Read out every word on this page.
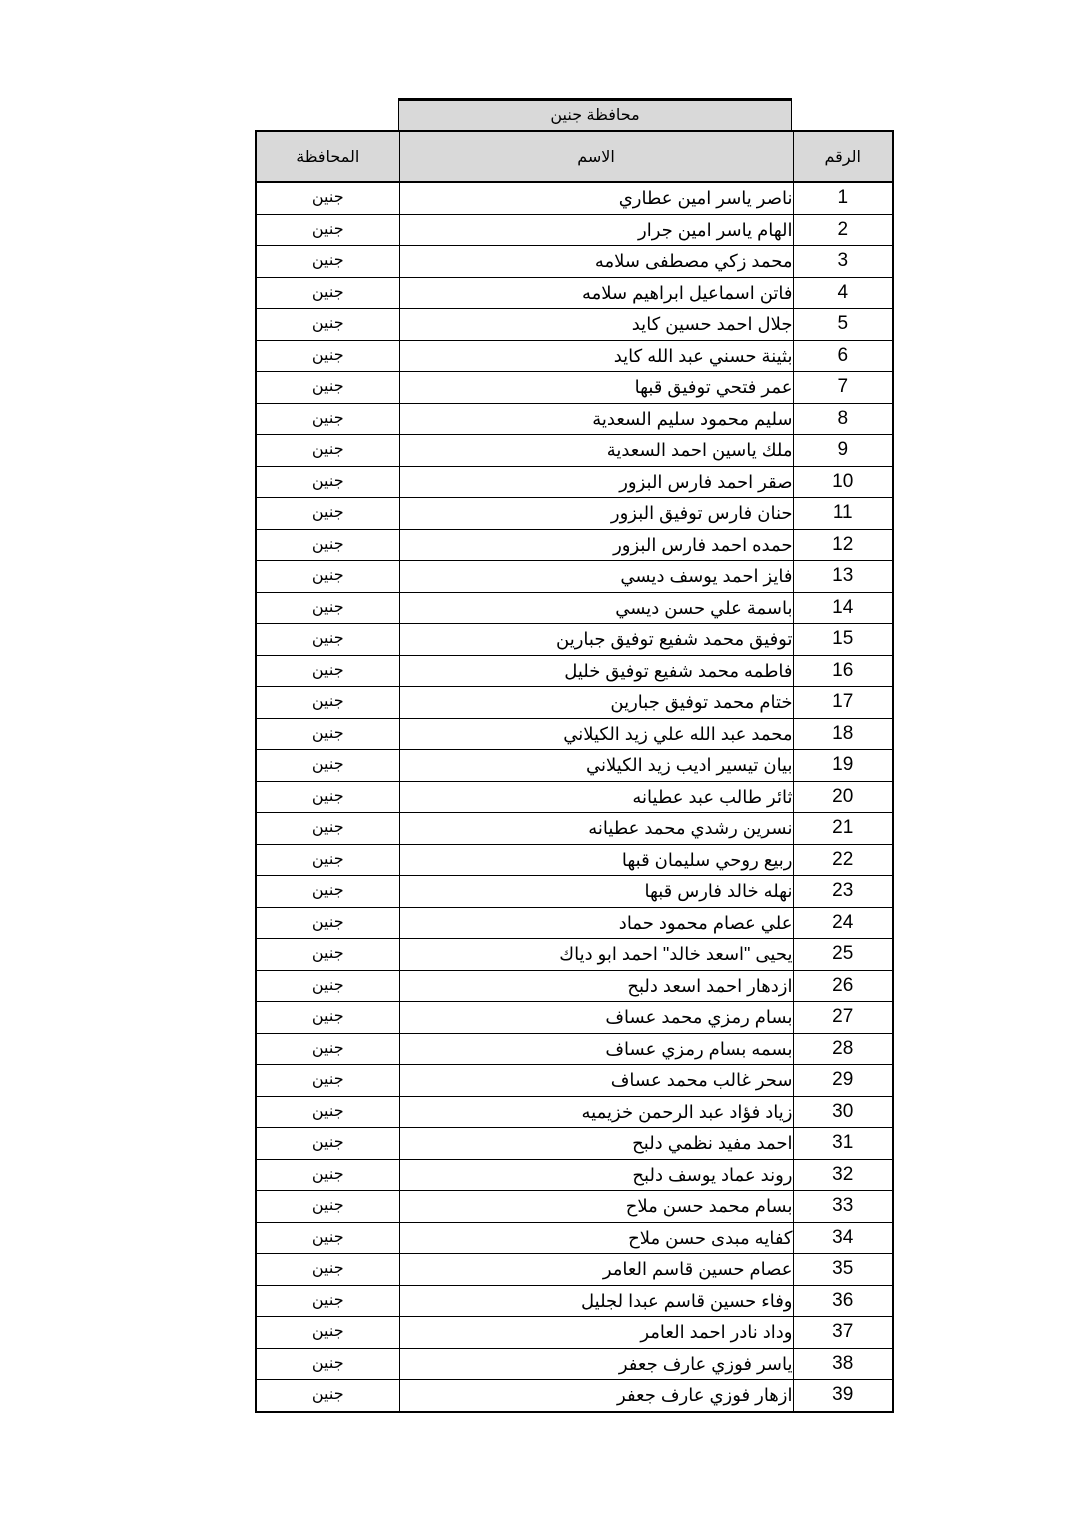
محافظة جنين
المحافظة	الاسم	الرقم
جنين	ناصر ياسر امين عطاري	1
جنين	الهام ياسر امين جرار	2
جنين	محمد زكي مصطفى سلامه	3
جنين	فاتن اسماعيل ابراهيم سلامه	4
جنين	جلال احمد حسين كايد	5
جنين	بثينة حسني عبد الله كايد	6
جنين	عمر فتحي توفيق قبها	7
جنين	سليم محمود سليم السعدية	8
جنين	ملك ياسين احمد السعدية	9
جنين	صقر احمد فارس البزور	10
جنين	حنان فارس توفيق البزور	11
جنين	حمده احمد فارس البزور	12
جنين	فايز احمد يوسف ديسي	13
جنين	باسمة علي حسن ديسي	14
جنين	توفيق محمد شفيع توفيق جبارين	15
جنين	فاطمه محمد شفيع توفيق خليل	16
جنين	ختام محمد توفيق جبارين	17
جنين	محمد عبد الله علي زيد الكيلاني	18
جنين	بيان تيسير اديب زيد الكيلاني	19
جنين	ثائر طالب عبد عطيانه	20
جنين	نسرين رشدي محمد عطيانه	21
جنين	ربيع روحي سليمان قبها	22
جنين	نهله خالد فارس قبها	23
جنين	علي عصام محمود حماد	24
جنين	يحيى "اسعد خالد" احمد ابو دياك	25
جنين	ازدهار احمد اسعد دلبح	26
جنين	بسام رمزي محمد عساف	27
جنين	بسمه بسام رمزي عساف	28
جنين	سحر غالب محمد عساف	29
جنين	زياد فؤاد عبد الرحمن خزيميه	30
جنين	احمد مفيد نظمي دلبح	31
جنين	روند عماد يوسف دلبح	32
جنين	بسام محمد حسن ملاح	33
جنين	كفايه مبدى حسن ملاح	34
جنين	عصام حسين قاسم العامر	35
جنين	وفاء حسين قاسم عبدا لجليل	36
جنين	وداد نادر احمد العامر	37
جنين	ياسر فوزي عارف جعفر	38
جنين	ازهار فوزي عارف جعفر	39
